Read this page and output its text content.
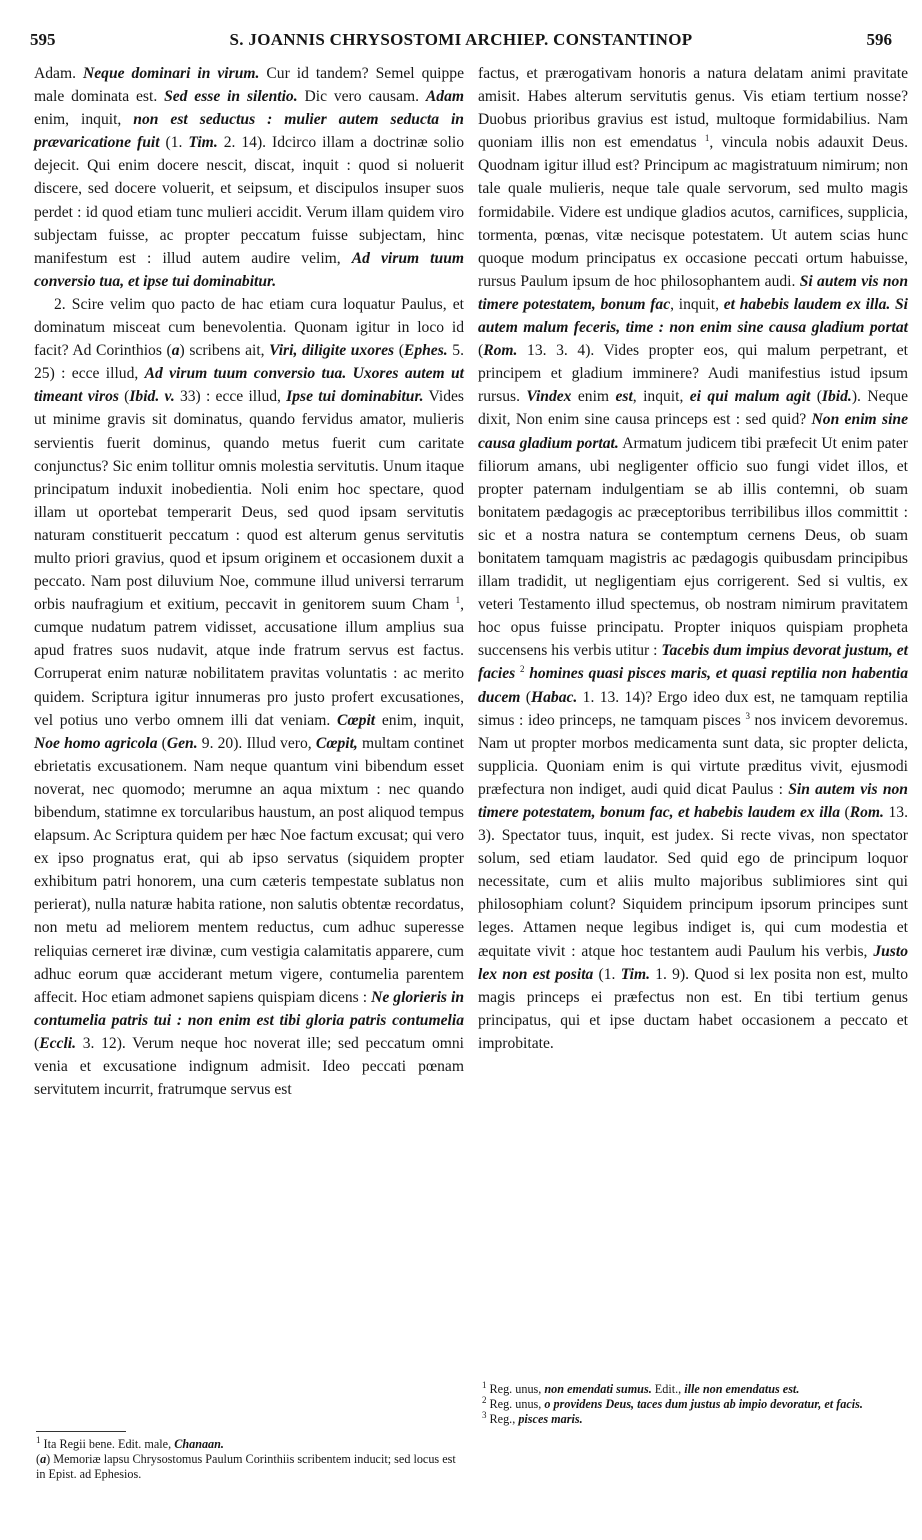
595	S. JOANNIS CHRYSOSTOMI ARCHIEP. CONSTANTINOP	596

Adam. Neque dominari in virum. Cur id tandem? Semel quippe male dominata est. Sed esse in silentio. Dic vero causam. Adam enim, inquit, non est seductus : mulier autem seducta in prævaricatione fuit (1. Tim. 2. 14). Idcirco illam a doctrinæ solio dejecit. Qui enim docere nescit, discat, inquit : quod si noluerit discere, sed docere voluerit, et seipsum, et discipulos insuper suos perdet : id quod etiam tunc mulieri accidit. Verum illam quidem viro subjectam fuisse, ac propter peccatum fuisse subjectam, hinc manifestum est : illud autem audire velim, Ad virum tuum conversio tua, et ipse tui dominabitur.

2. Scire velim quo pacto de hac etiam cura loquatur Paulus, et dominatum misceat cum benevolentia. Quonam igitur in loco id facit? Ad Corinthios (a) scribens ait, Viri, diligite uxores (Ephes. 5. 25) : ecce illud, Ad virum tuum conversio tua. Uxores autem ut timeant viros (Ibid. v. 33) : ecce illud, Ipse tui dominabitur. Vides ut minime gravis sit dominatus, quando fervidus amator, mulieris servientis fuerit dominus, quando metus fuerit cum caritate conjunctus? Sic enim tollitur omnis molestia servitutis. Unum itaque principatum induxit inobedientia. Noli enim hoc spectare, quod illam ut oportebat temperarit Deus, sed quod ipsam servitutis naturam constituerit peccatum : quod est alterum genus servitutis multo priori gravius, quod et ipsum originem et occasionem duxit a peccato. Nam post diluvium Noe, commune illud universi terrarum orbis naufragium et exitium, peccavit in genitorem suum Cham $^1$, cumque nudatum patrem vidisset, accusatione illum amplius sua apud fratres suos nudavit, atque inde fratrum servus est factus. Corruperat enim naturæ nobilitatem pravitas voluntatis : ac merito quidem. Scriptura igitur innumeras pro justo profert excusationes, vel potius uno verbo omnem illi dat veniam. Cœpit enim, inquit, Noe homo agricola (Gen. 9. 20). Illud vero, Cœpit, multam continet ebrietatis excusationem. Nam neque quantum vini bibendum esset noverat, nec quomodo; merumne an aqua mixtum : nec quando bibendum, statimne ex torcularibus haustum, an post aliquod tempus elapsum. Ac Scriptura quidem per hæc Noe factum excusat; qui vero ex ipso prognatus erat, qui ab ipso servatus (siquidem propter exhibitum patri honorem, una cum cæteris tempestate sublatus non perierat), nulla naturæ habita ratione, non salutis obtentæ recordatus, non metu ad meliorem mentem reductus, cum adhuc superesse reliquias cerneret iræ divinæ, cum vestigia calamitatis apparere, cum adhuc eorum quæ acciderant metum vigere, contumelia parentem affecit. Hoc etiam admonet sapiens quispiam dicens : Ne glorieris in contumelia patris tui : non enim est tibi gloria patris contumelia (Eccli. 3. 12). Verum neque hoc noverat ille; sed peccatum omni venia et excusatione indignum admisit. Ideo peccati pœnam servitutem incurrit, fratrumque servus est

factus, et prærogativam honoris a natura delatam animi pravitate amisit. Habes alterum servitutis genus. Vis etiam tertium nosse? Duobus prioribus gravius est istud, multoque formidabilius. Nam quoniam illis non est emendatus $^1$, vincula nobis adauxit Deus. Quodnam igitur illud est? Principum ac magistratuum nimirum; non tale quale mulieris, neque tale quale servorum, sed multo magis formidabile. Videre est undique gladios acutos, carnifices, supplicia, tormenta, pœnas, vitæ necisque potestatem. Ut autem scias hunc quoque modum principatus ex occasione peccati ortum habuisse, rursus Paulum ipsum de hoc philosophantem audi. Si autem vis non timere potestatem, bonum fac, inquit, et habebis laudem ex illa. Si autem malum feceris, time : non enim sine causa gladium portat (Rom. 13. 3. 4). Vides propter eos, qui malum perpetrant, et principem et gladium imminere? Audi manifestius istud ipsum rursus. Vindex enim est, inquit, ei qui malum agit (Ibid.). Neque dixit, Non enim sine causa princeps est : sed quid? Non enim sine causa gladium portat. Armatum judicem tibi præfecit Ut enim pater filiorum amans, ubi negligenter officio suo fungi videt illos, et propter paternam indulgentiam se ab illis contemni, ob suam bonitatem pædagogis ac præceptoribus terribilibus illos committit : sic et a nostra natura se contemptum cernens Deus, ob suam bonitatem tamquam magistris ac pædagogis quibusdam principibus illam tradidit, ut negligentiam ejus corrigerent. Sed si vultis, ex veteri Testamento illud spectemus, ob nostram nimirum pravitatem hoc opus fuisse principatu. Propter iniquos quispiam propheta succensens his verbis utitur : Tacebis dum impius devorat justum, et facies $^2$ homines quasi pisces maris, et quasi reptilia non habentia ducem (Habac. 1. 13. 14)? Ergo ideo dux est, ne tamquam reptilia simus : ideo princeps, ne tamquam pisces $^3$ nos invicem devoremus. Nam ut propter morbos medicamenta sunt data, sic propter delicta, supplicia. Quoniam enim is qui virtute præditus vivit, ejusmodi præfectura non indiget, audi quid dicat Paulus : Sin autem vis non timere potestatem, bonum fac, et habebis laudem ex illa (Rom. 13. 3). Spectator tuus, inquit, est judex. Si recte vivas, non spectator solum, sed etiam laudator. Sed quid ego de principum loquor necessitate, cum et aliis multo majoribus sublimiores sint qui philosophiam colunt? Siquidem principum ipsorum principes sunt leges. Attamen neque legibus indiget is, qui cum modestia et æquitate vivit : atque hoc testantem audi Paulum his verbis, Justo lex non est posita (1. Tim. 1. 9). Quod si lex posita non est, multo magis princeps ei præfectus non est. En tibi tertium genus principatus, qui et ipse ductam habet occasionem a peccato et improbitate.

$^1$ Ita Regii bene. Edit. male, Chanaan.

(a) Memoriæ lapsu Chrysostomus Paulum Corinthiis scribentem inducit; sed locus est in Epist. ad Ephesios.

$^1$ Reg. unus, non emendati sumus. Edit., ille non emendatus est.

$^2$ Reg. unus, o providens Deus, taces dum justus ab impio devoratur, et facis.

$^3$ Reg., pisces maris.
